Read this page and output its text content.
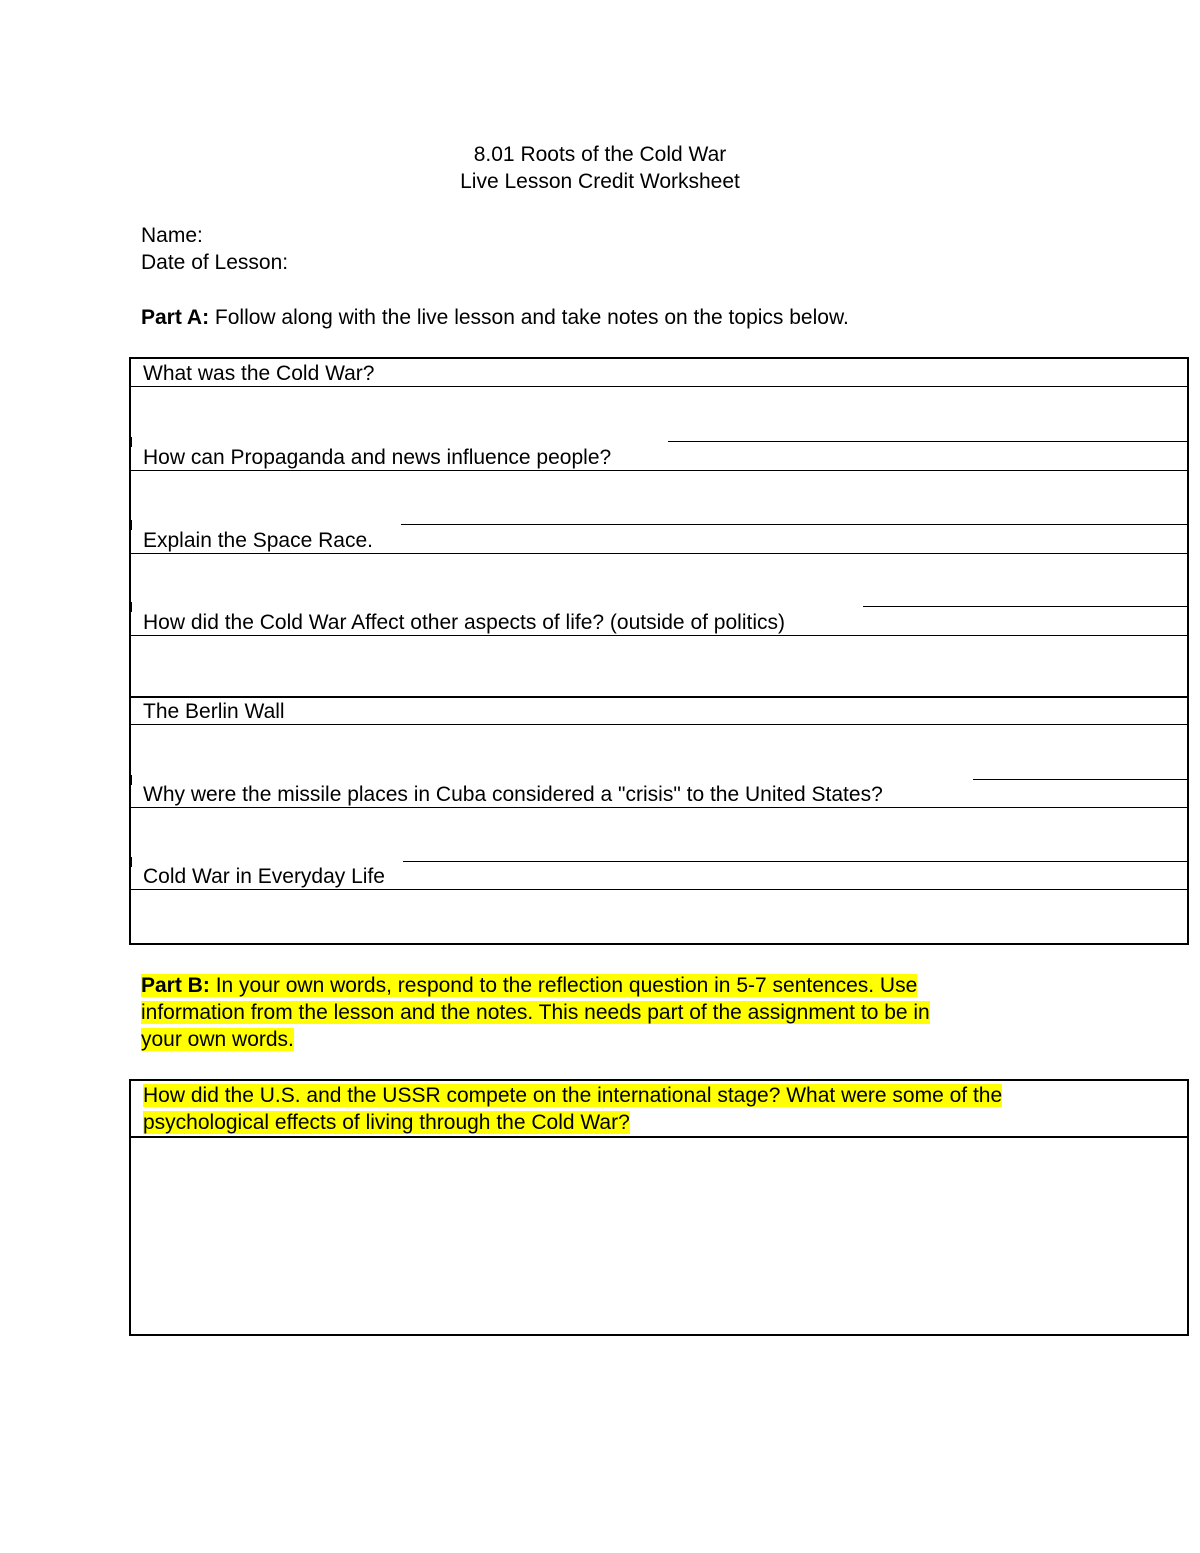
8.01 Roots of the Cold War
Live Lesson Credit Worksheet
Name:
Date of Lesson:
Part A: Follow along with the live lesson and take notes on the topics below.
What was the Cold War?
How can Propaganda and news influence people?
Explain the Space Race.
How did the Cold War Affect other aspects of life? (outside of politics)
The Berlin Wall
Why were the missile places in Cuba considered a "crisis" to the United States?
Cold War in Everyday Life
Part B: In your own words, respond to the reflection question in 5-7 sentences. Use
information from the lesson and the notes. This needs part of the assignment to be in
your own words.
How did the U.S. and the USSR compete on the international stage? What were some of the
psychological effects of living through the Cold War?
